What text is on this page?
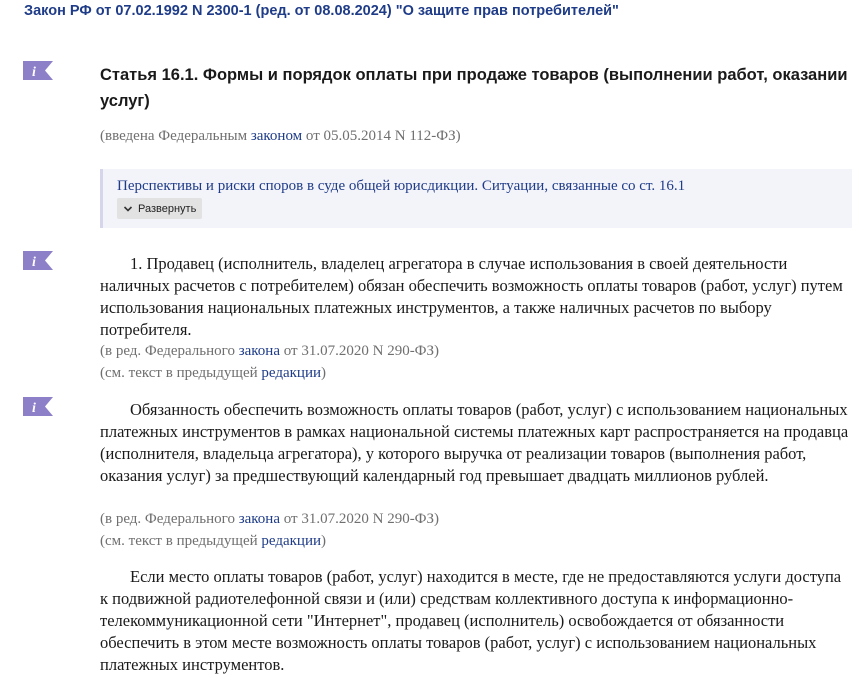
Закон РФ от 07.02.1992 N 2300-1 (ред. от 08.08.2024) "О защите прав потребителей"
i	Статья 16.1. Формы и порядок оплаты при продаже товаров (выполнении работ, оказании услуг)
(введена Федеральным законом от 05.05.2014 N 112-ФЗ)
Перспективы и риски споров в суде общей юрисдикции. Ситуации, связанные со ст. 16.1
Развернуть
i	1. Продавец (исполнитель, владелец агрегатора в случае использования в своей деятельности наличных расчетов с потребителем) обязан обеспечить возможность оплаты товаров (работ, услуг) путем использования национальных платежных инструментов, а также наличных расчетов по выбору потребителя.

(в ред. Федерального закона от 31.07.2020 N 290-ФЗ)
(см. текст в предыдущей редакции)
i	Обязанность обеспечить возможность оплаты товаров (работ, услуг) с использованием национальных платежных инструментов в рамках национальной системы платежных карт распространяется на продавца (исполнителя, владельца агрегатора), у которого выручка от реализации товаров (выполнения работ, оказания услуг) за предшествующий календарный год превышает двадцать миллионов рублей.

(в ред. Федерального закона от 31.07.2020 N 290-ФЗ)
(см. текст в предыдущей редакции)

Если место оплаты товаров (работ, услуг) находится в месте, где не предоставляются услуги доступа к подвижной радиотелефонной связи и (или) средствам коллективного доступа к информационно-телекоммуникационной сети "Интернет", продавец (исполнитель) освобождается от обязанности обеспечить в этом месте возможность оплаты товаров (работ, услуг) с использованием национальных платежных инструментов.
